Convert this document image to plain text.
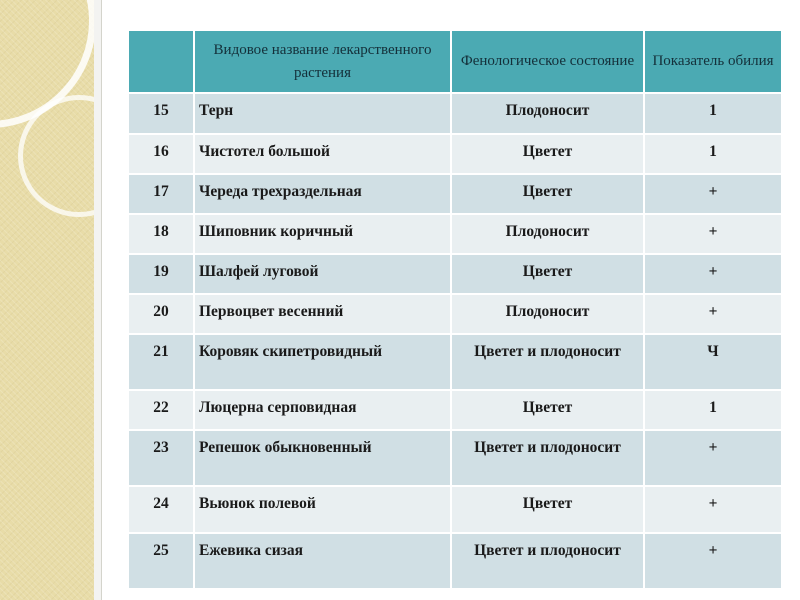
	Видовое название лекарственного растения	Фенологическое состояние	Показатель обилия
15	Терн	Плодоносит	1
16	Чистотел большой	Цветет	1
17	Череда трехраздельная	Цветет	+
18	Шиповник коричный	Плодоносит	+
19	Шалфей луговой	Цветет	+
20	Первоцвет весенний	Плодоносит	+
21	Коровяк скипетровидный	Цветет и плодоносит	Ч
22	Люцерна серповидная	Цветет	1
23	Репешок обыкновенный	Цветет и плодоносит	+
24	Вьюнок полевой	Цветет	+
25	Ежевика сизая	Цветет и плодоносит	+
